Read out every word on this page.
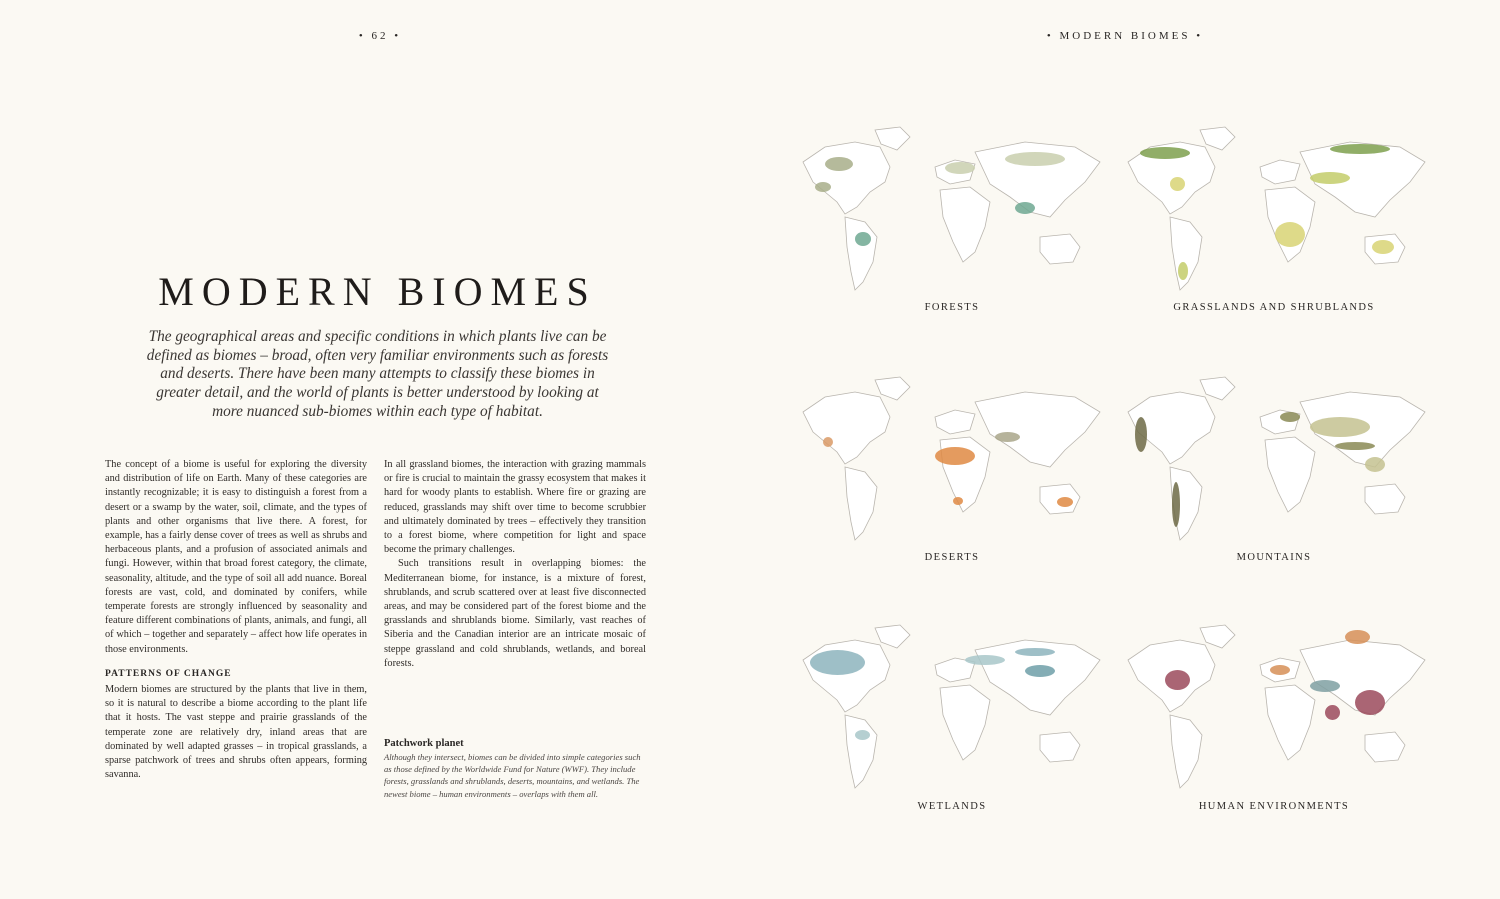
• 62 •	• MODERN BIOMES •
MODERN BIOMES

The geographical areas and specific conditions in which plants live can be defined as biomes – broad, often very familiar environments such as forests and deserts. There have been many attempts to classify these biomes in greater detail, and the world of plants is better understood by looking at more nuanced sub-biomes within each type of habitat.

The concept of a biome is useful for exploring the diversity and distribution of life on Earth. Many of these categories are instantly recognizable; it is easy to distinguish a forest from a desert or a swamp by the water, soil, climate, and the types of plants and other organisms that live there. A forest, for example, has a fairly dense cover of trees as well as shrubs and herbaceous plants, and a profusion of associated animals and fungi. However, within that broad forest category, the climate, seasonality, altitude, and the type of soil all add nuance. Boreal forests are vast, cold, and dominated by conifers, while temperate forests are strongly influenced by seasonality and feature different combinations of plants, animals, and fungi, all of which – together and separately – affect how life operates in those environments.

PATTERNS OF CHANGE

Modern biomes are structured by the plants that live in them, so it is natural to describe a biome according to the plant life that it hosts. The vast steppe and prairie grasslands of the temperate zone are relatively dry, inland areas that are dominated by well adapted grasses – in tropical grasslands, a sparse patchwork of trees and shrubs often appears, forming savanna.

In all grassland biomes, the interaction with grazing mammals or fire is crucial to maintain the grassy ecosystem that makes it hard for woody plants to establish. Where fire or grazing are reduced, grasslands may shift over time to become scrubbier and ultimately dominated by trees – effectively they transition to a forest biome, where competition for light and space become the primary challenges.

Such transitions result in overlapping biomes: the Mediterranean biome, for instance, is a mixture of forest, shrublands, and scrub scattered over at least five disconnected areas, and may be considered part of the forest biome and the grasslands and shrublands biome. Similarly, vast reaches of Siberia and the Canadian interior are an intricate mosaic of steppe grassland and cold shrublands, wetlands, and boreal forests.

Patchwork planet
Although they intersect, biomes can be divided into simple categories such as those defined by the Worldwide Fund for Nature (WWF). They include forests, grasslands and shrublands, deserts, mountains, and wetlands. The newest biome – human environments – overlaps with them all.
FORESTS	GRASSLANDS AND SHRUBLANDS
DESERTS	MOUNTAINS
WETLANDS	HUMAN ENVIRONMENTS
